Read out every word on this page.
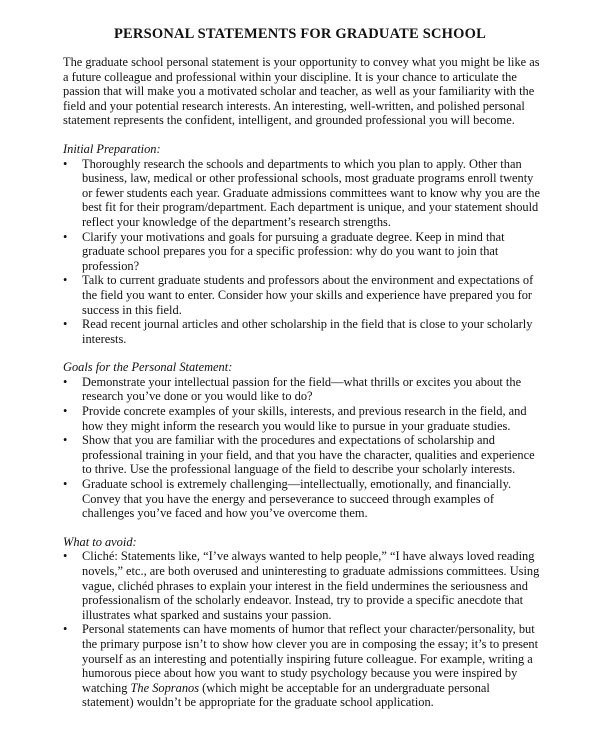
PERSONAL STATEMENTS FOR GRADUATE SCHOOL

The graduate school personal statement is your opportunity to convey what you might be like as a future colleague and professional within your discipline. It is your chance to articulate the passion that will make you a motivated scholar and teacher, as well as your familiarity with the field and your potential research interests. An interesting, well-written, and polished personal statement represents the confident, intelligent, and grounded professional you will become.

Initial Preparation:

• Thoroughly research the schools and departments to which you plan to apply. Other than business, law, medical or other professional schools, most graduate programs enroll twenty or fewer students each year. Graduate admissions committees want to know why you are the best fit for their program/department. Each department is unique, and your statement should reflect your knowledge of the department’s research strengths.
• Clarify your motivations and goals for pursuing a graduate degree. Keep in mind that graduate school prepares you for a specific profession: why do you want to join that profession?
• Talk to current graduate students and professors about the environment and expectations of the field you want to enter. Consider how your skills and experience have prepared you for success in this field.
• Read recent journal articles and other scholarship in the field that is close to your scholarly interests.

Goals for the Personal Statement:

• Demonstrate your intellectual passion for the field—what thrills or excites you about the research you’ve done or you would like to do?
• Provide concrete examples of your skills, interests, and previous research in the field, and how they might inform the research you would like to pursue in your graduate studies.
• Show that you are familiar with the procedures and expectations of scholarship and professional training in your field, and that you have the character, qualities and experience to thrive. Use the professional language of the field to describe your scholarly interests.
• Graduate school is extremely challenging—intellectually, emotionally, and financially. Convey that you have the energy and perseverance to succeed through examples of challenges you’ve faced and how you’ve overcome them.

What to avoid:

• Cliché: Statements like, “I’ve always wanted to help people,” “I have always loved reading novels,” etc., are both overused and uninteresting to graduate admissions committees. Using vague, clichéd phrases to explain your interest in the field undermines the seriousness and professionalism of the scholarly endeavor. Instead, try to provide a specific anecdote that illustrates what sparked and sustains your passion.
• Personal statements can have moments of humor that reflect your character/personality, but the primary purpose isn’t to show how clever you are in composing the essay; it’s to present yourself as an interesting and potentially inspiring future colleague. For example, writing a humorous piece about how you want to study psychology because you were inspired by watching The Sopranos (which might be acceptable for an undergraduate personal statement) wouldn’t be appropriate for the graduate school application.
